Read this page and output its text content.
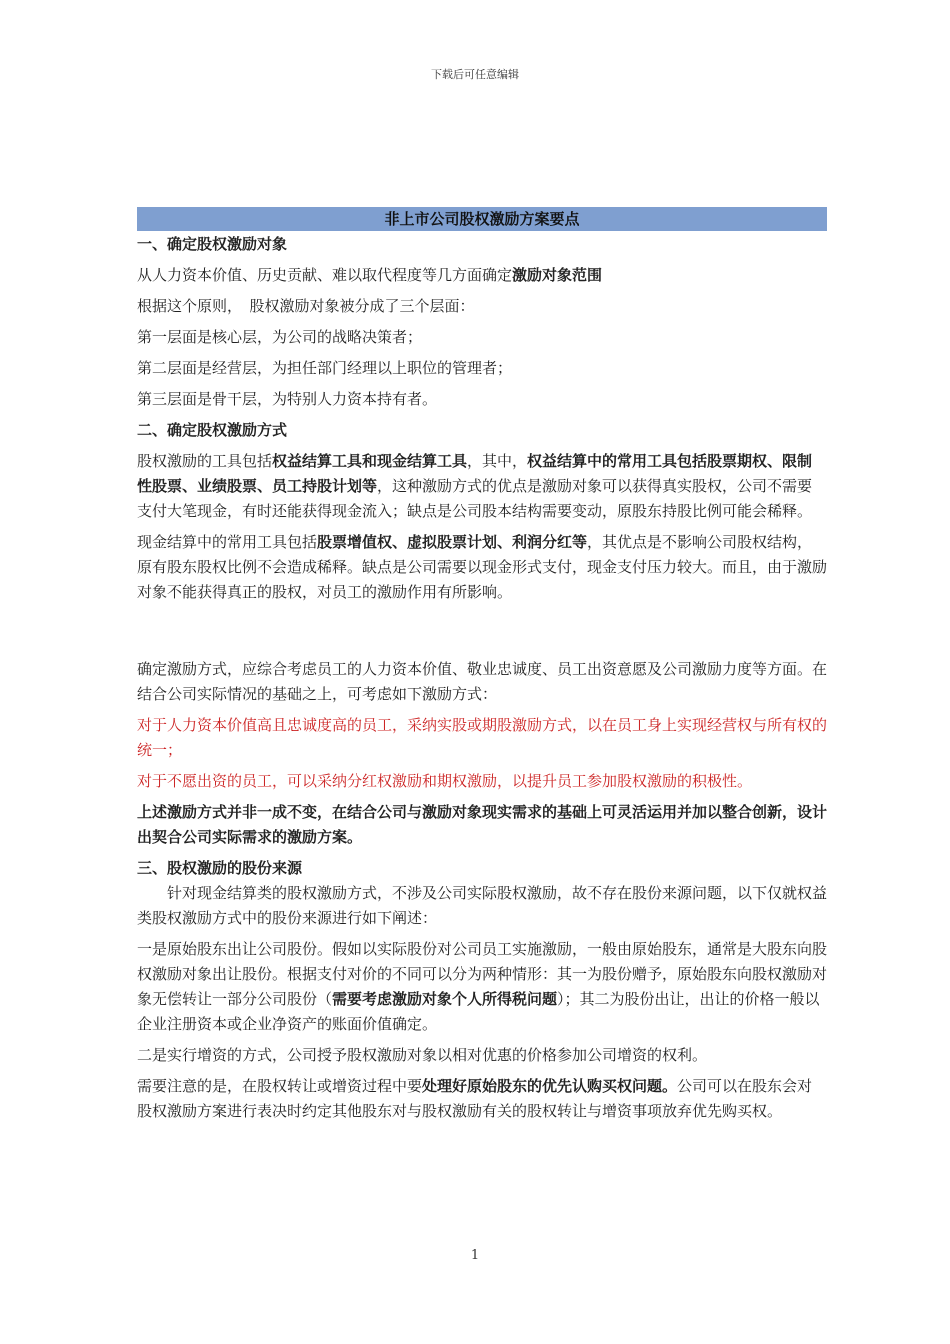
下载后可任意编辑
非上市公司股权激励方案要点
一、确定股权激励对象

从人力资本价值、历史贡献、难以取代程度等几方面确定激励对象范围

根据这个原则，　股权激励对象被分成了三个层面：

第一层面是核心层，为公司的战略决策者；

第二层面是经营层，为担任部门经理以上职位的管理者；

第三层面是骨干层，为特别人力资本持有者。

二、确定股权激励方式

股权激励的工具包括权益结算工具和现金结算工具，其中，权益结算中的常用工具包括股票期权、限制性股票、业绩股票、员工持股计划等，这种激励方式的优点是激励对象可以获得真实股权，公司不需要支付大笔现金，有时还能获得现金流入；缺点是公司股本结构需要变动，原股东持股比例可能会稀释。

现金结算中的常用工具包括股票增值权、虚拟股票计划、利润分红等，其优点是不影响公司股权结构，原有股东股权比例不会造成稀释。缺点是公司需要以现金形式支付，现金支付压力较大。而且，由于激励对象不能获得真正的股权，对员工的激励作用有所影响。

确定激励方式，应综合考虑员工的人力资本价值、敬业忠诚度、员工出资意愿及公司激励力度等方面。在结合公司实际情况的基础之上，可考虑如下激励方式：

对于人力资本价值高且忠诚度高的员工，采纳实股或期股激励方式，以在员工身上实现经营权与所有权的统一；

对于不愿出资的员工，可以采纳分红权激励和期权激励，以提升员工参加股权激励的积极性。

上述激励方式并非一成不变，在结合公司与激励对象现实需求的基础上可灵活运用并加以整合创新，设计出契合公司实际需求的激励方案。

三、股权激励的股份来源

针对现金结算类的股权激励方式，不涉及公司实际股权激励，故不存在股份来源问题，以下仅就权益类股权激励方式中的股份来源进行如下阐述：

一是原始股东出让公司股份。假如以实际股份对公司员工实施激励，一般由原始股东，通常是大股东向股权激励对象出让股份。根据支付对价的不同可以分为两种情形：其一为股份赠予，原始股东向股权激励对象无偿转让一部分公司股份（需要考虑激励对象个人所得税问题）；其二为股份出让，出让的价格一般以企业注册资本或企业净资产的账面价值确定。

二是实行增资的方式，公司授予股权激励对象以相对优惠的价格参加公司增资的权利。

需要注意的是，在股权转让或增资过程中要处理好原始股东的优先认购买权问题。公司可以在股东会对股权激励方案进行表决时约定其他股东对与股权激励有关的股权转让与增资事项放弃优先购买权。

1
